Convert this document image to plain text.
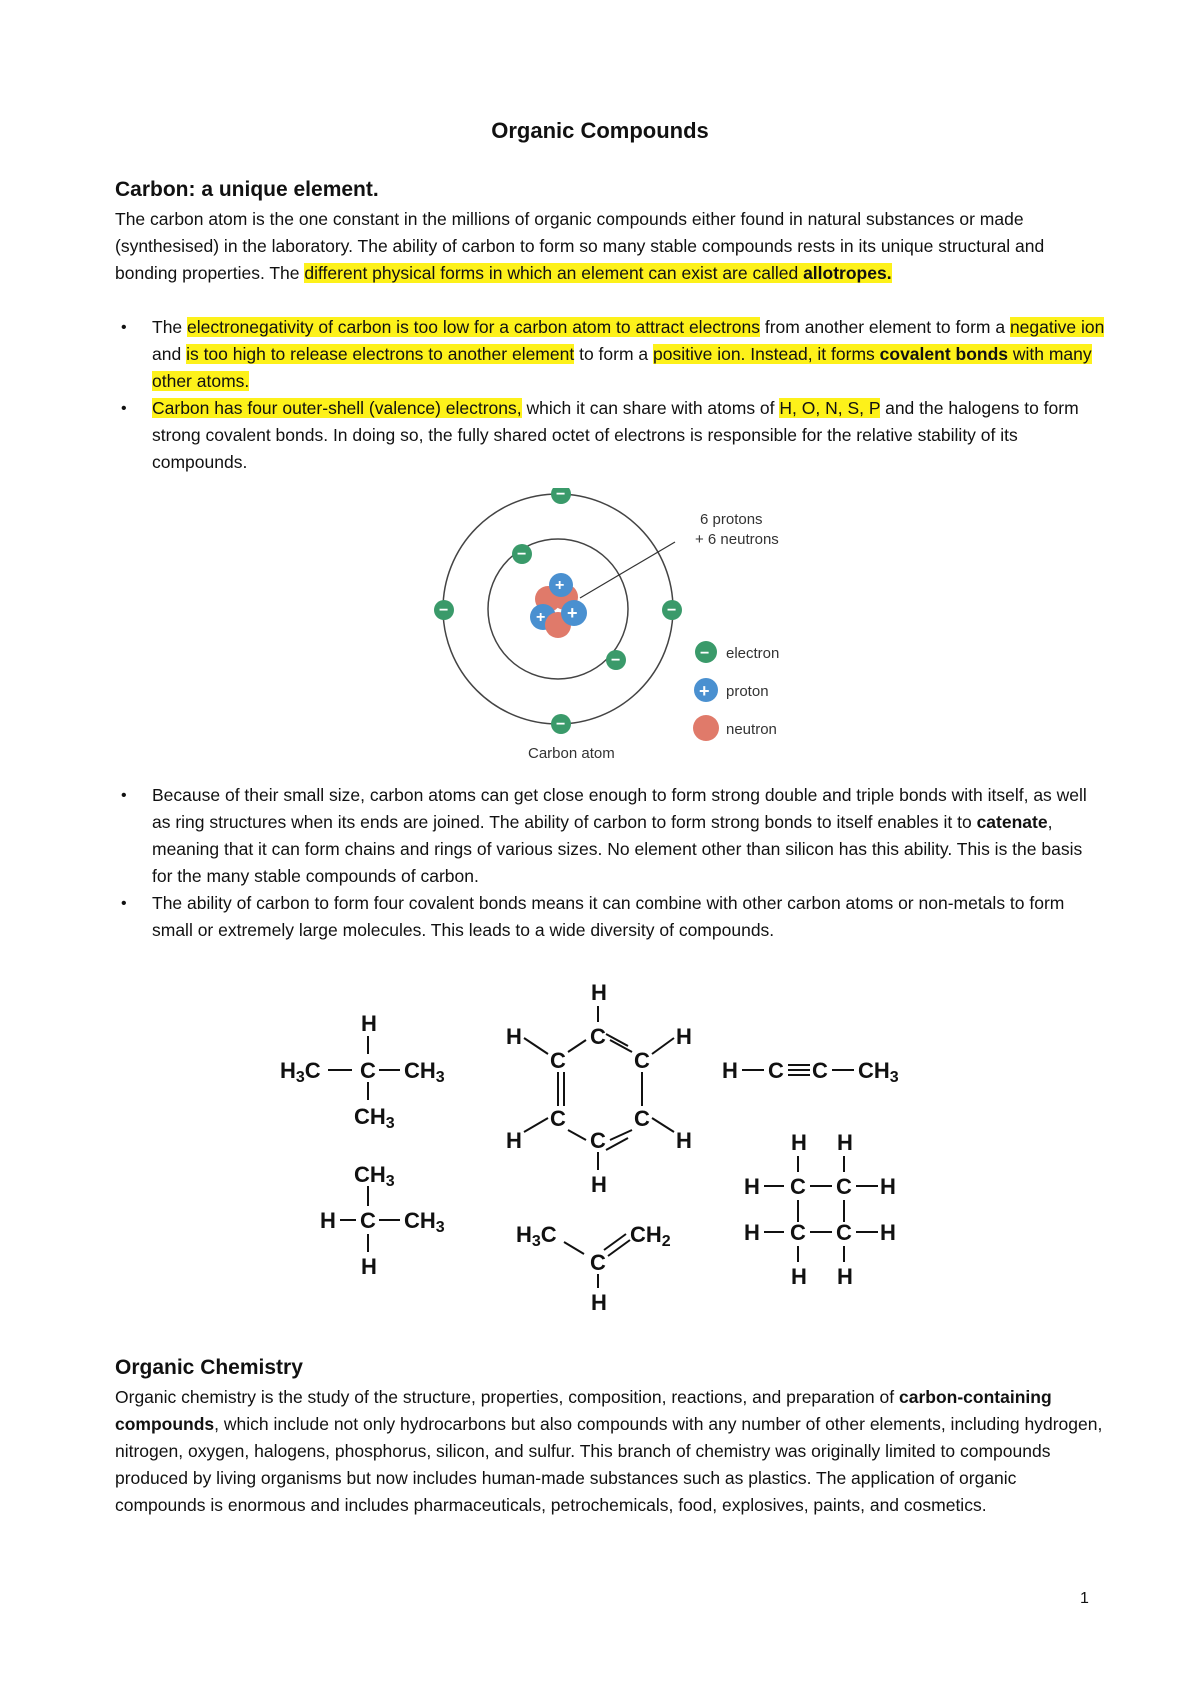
Organic Compounds
Carbon: a unique element.
The carbon atom is the one constant in the millions of organic compounds either found in natural substances or made (synthesised) in the laboratory. The ability of carbon to form so many stable compounds rests in its unique structural and bonding properties. The different physical forms in which an element can exist are called allotropes.
• The electronegativity of carbon is too low for a carbon atom to attract electrons from another element to form a negative ion and is too high to release electrons to another element to form a positive ion. Instead, it forms covalent bonds with many other atoms.
• Carbon has four outer-shell (valence) electrons, which it can share with atoms of H, O, N, S, P and the halogens to form strong covalent bonds. In doing so, the fully shared octet of electrons is responsible for the relative stability of its compounds.
+
+ +
−
−
−	−
−
−
6 protons
+ 6 neutrons
− electron
+ proton
neutron
Carbon atom
• Because of their small size, carbon atoms can get close enough to form strong double and triple bonds with itself, as well as ring structures when its ends are joined. The ability of carbon to form strong bonds to itself enables it to catenate, meaning that it can form chains and rings of various sizes. No element other than silicon has this ability. This is the basis for the many stable compounds of carbon.
• The ability of carbon to form four covalent bonds means it can combine with other carbon atoms or non-metals to form small or extremely large molecules. This leads to a wide diversity of compounds.
H
H3C C CH3
CH3
CH3
H C CH3
H
H
C
C	C
C	C
C
H	H
H	H
H
H3C
C
CH2
H
H C C CH3
H H
H C C H
H C C H
H H
Organic Chemistry
Organic chemistry is the study of the structure, properties, composition, reactions, and preparation of carbon-containing compounds, which include not only hydrocarbons but also compounds with any number of other elements, including hydrogen, nitrogen, oxygen, halogens, phosphorus, silicon, and sulfur. This branch of chemistry was originally limited to compounds produced by living organisms but now includes human-made substances such as plastics. The application of organic compounds is enormous and includes pharmaceuticals, petrochemicals, food, explosives, paints, and cosmetics.
1
